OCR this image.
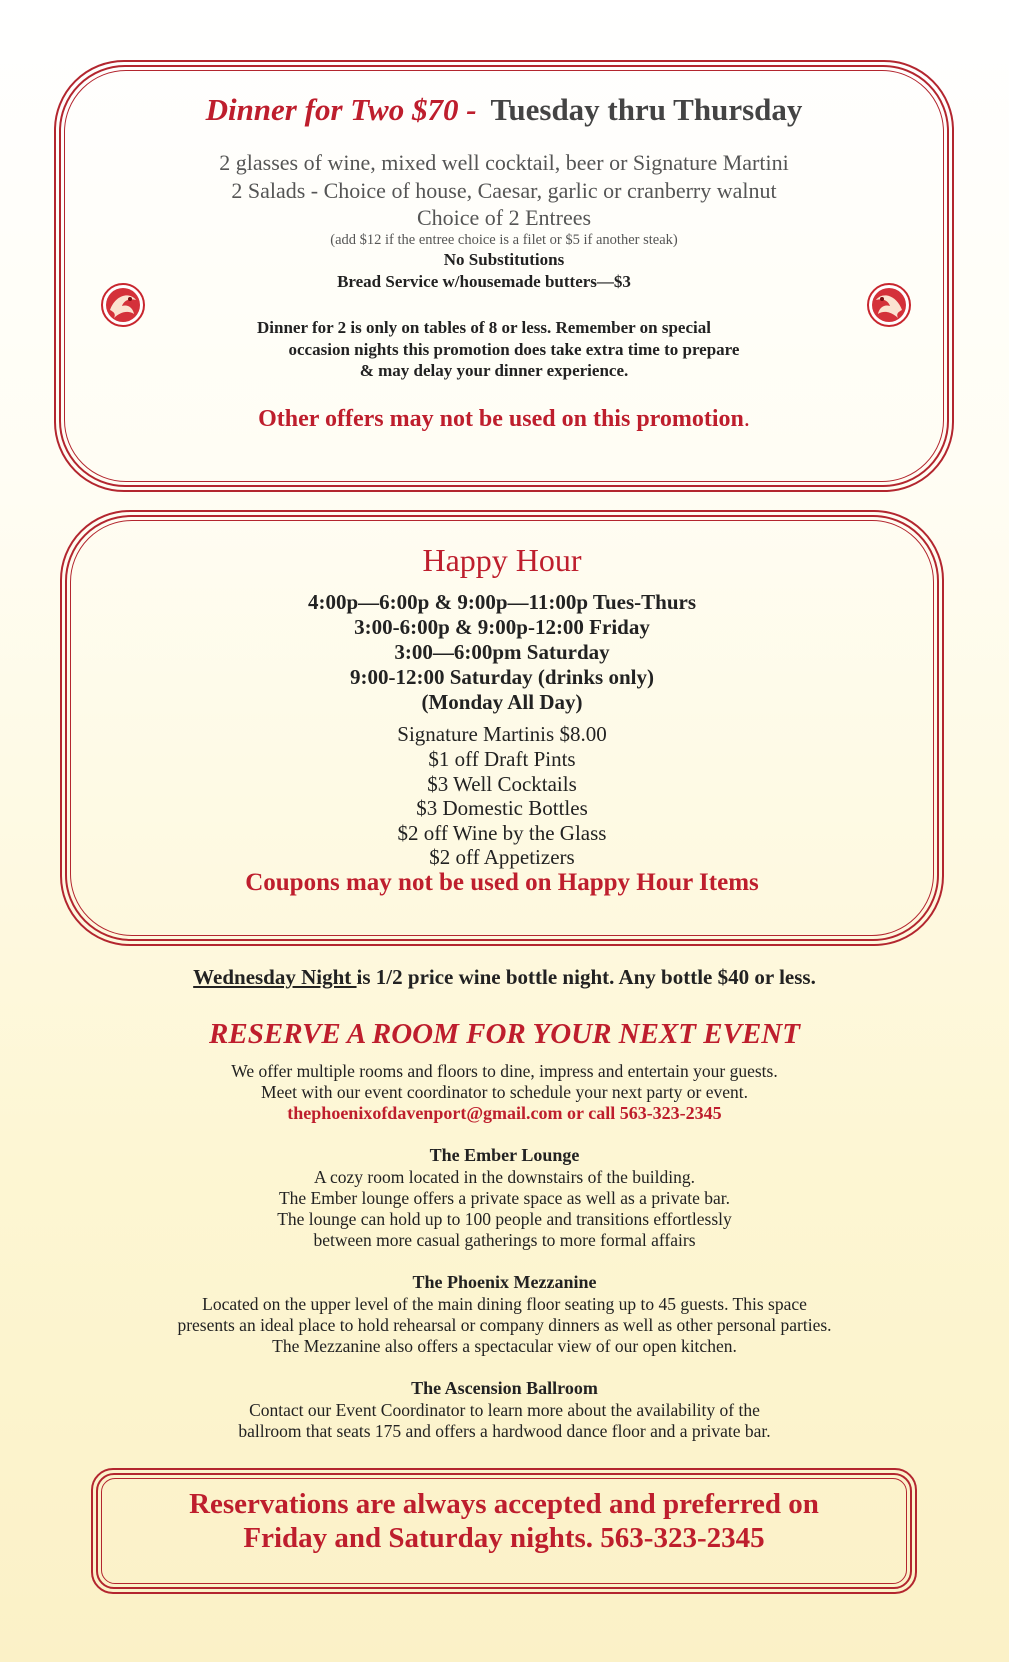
Dinner for Two $70 - Tuesday thru Thursday
2 glasses of wine, mixed well cocktail, beer or Signature Martini
2 Salads - Choice of house, Caesar, garlic or cranberry walnut
Choice of 2 Entrees
(add $12 if the entree choice is a filet or $5 if another steak)
No Substitutions
Bread Service w/housemade butters—$3
Dinner for 2 is only on tables of 8 or less. Remember on special
occasion nights this promotion does take extra time to prepare
& may delay your dinner experience.
Other offers may not be used on this promotion.
Happy Hour
4:00p—6:00p & 9:00p—11:00p Tues-Thurs
3:00-6:00p & 9:00p-12:00 Friday
3:00—6:00pm Saturday
9:00-12:00 Saturday (drinks only)
(Monday All Day)
Signature Martinis $8.00
$1 off Draft Pints
$3 Well Cocktails
$3 Domestic Bottles
$2 off Wine by the Glass
$2 off Appetizers
Coupons may not be used on Happy Hour Items
Wednesday Night is 1/2 price wine bottle night. Any bottle $40 or less.
RESERVE A ROOM FOR YOUR NEXT EVENT
We offer multiple rooms and floors to dine, impress and entertain your guests.
Meet with our event coordinator to schedule your next party or event.
thephoenixofdavenport@gmail.com or call 563-323-2345
The Ember Lounge
A cozy room located in the downstairs of the building.
The Ember lounge offers a private space as well as a private bar.
The lounge can hold up to 100 people and transitions effortlessly
between more casual gatherings to more formal affairs
The Phoenix Mezzanine
Located on the upper level of the main dining floor seating up to 45 guests. This space
presents an ideal place to hold rehearsal or company dinners as well as other personal parties.
The Mezzanine also offers a spectacular view of our open kitchen.
The Ascension Ballroom
Contact our Event Coordinator to learn more about the availability of the
ballroom that seats 175 and offers a hardwood dance floor and a private bar.
Reservations are always accepted and preferred on
Friday and Saturday nights. 563-323-2345
